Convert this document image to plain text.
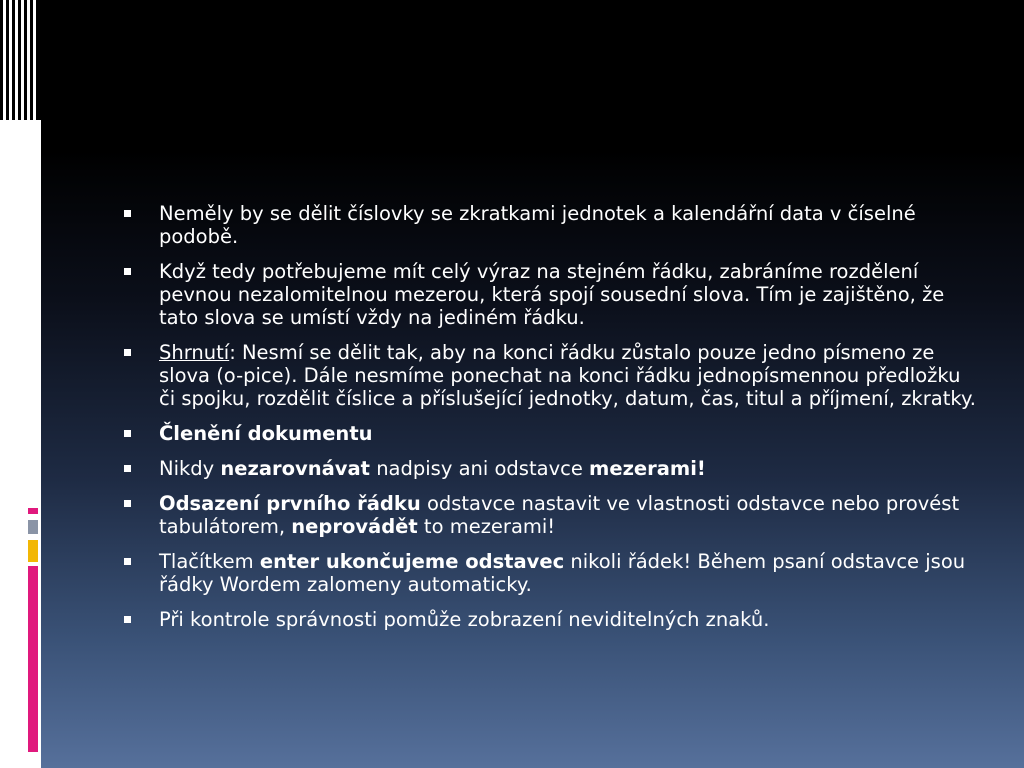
Neměly by se dělit číslovky se zkratkami jednotek a kalendářní data v číselné podobě.
Když tedy potřebujeme mít celý výraz na stejném řádku, zabráníme rozdělení pevnou nezalomitelnou mezerou, která spojí sousední slova. Tím je zajištěno, že tato slova se umístí vždy na jediném řádku.
Shrnutí: Nesmí se dělit tak, aby na konci řádku zůstalo pouze jedno písmeno ze slova (o-pice). Dále nesmíme ponechat na konci řádku jednopísmennou předložku či spojku, rozdělit číslice a příslušející jednotky, datum, čas, titul a příjmení, zkratky.
Členění dokumentu
Nikdy nezarovnávat nadpisy ani odstavce mezerami!
Odsazení prvního řádku odstavce nastavit ve vlastnosti odstavce nebo provést tabulátorem, neprovádět to mezerami!
Tlačítkem enter ukončujeme odstavec nikoli řádek! Během psaní odstavce jsou řádky Wordem zalomeny automaticky.
Při kontrole správnosti pomůže zobrazení neviditelných znaků.
